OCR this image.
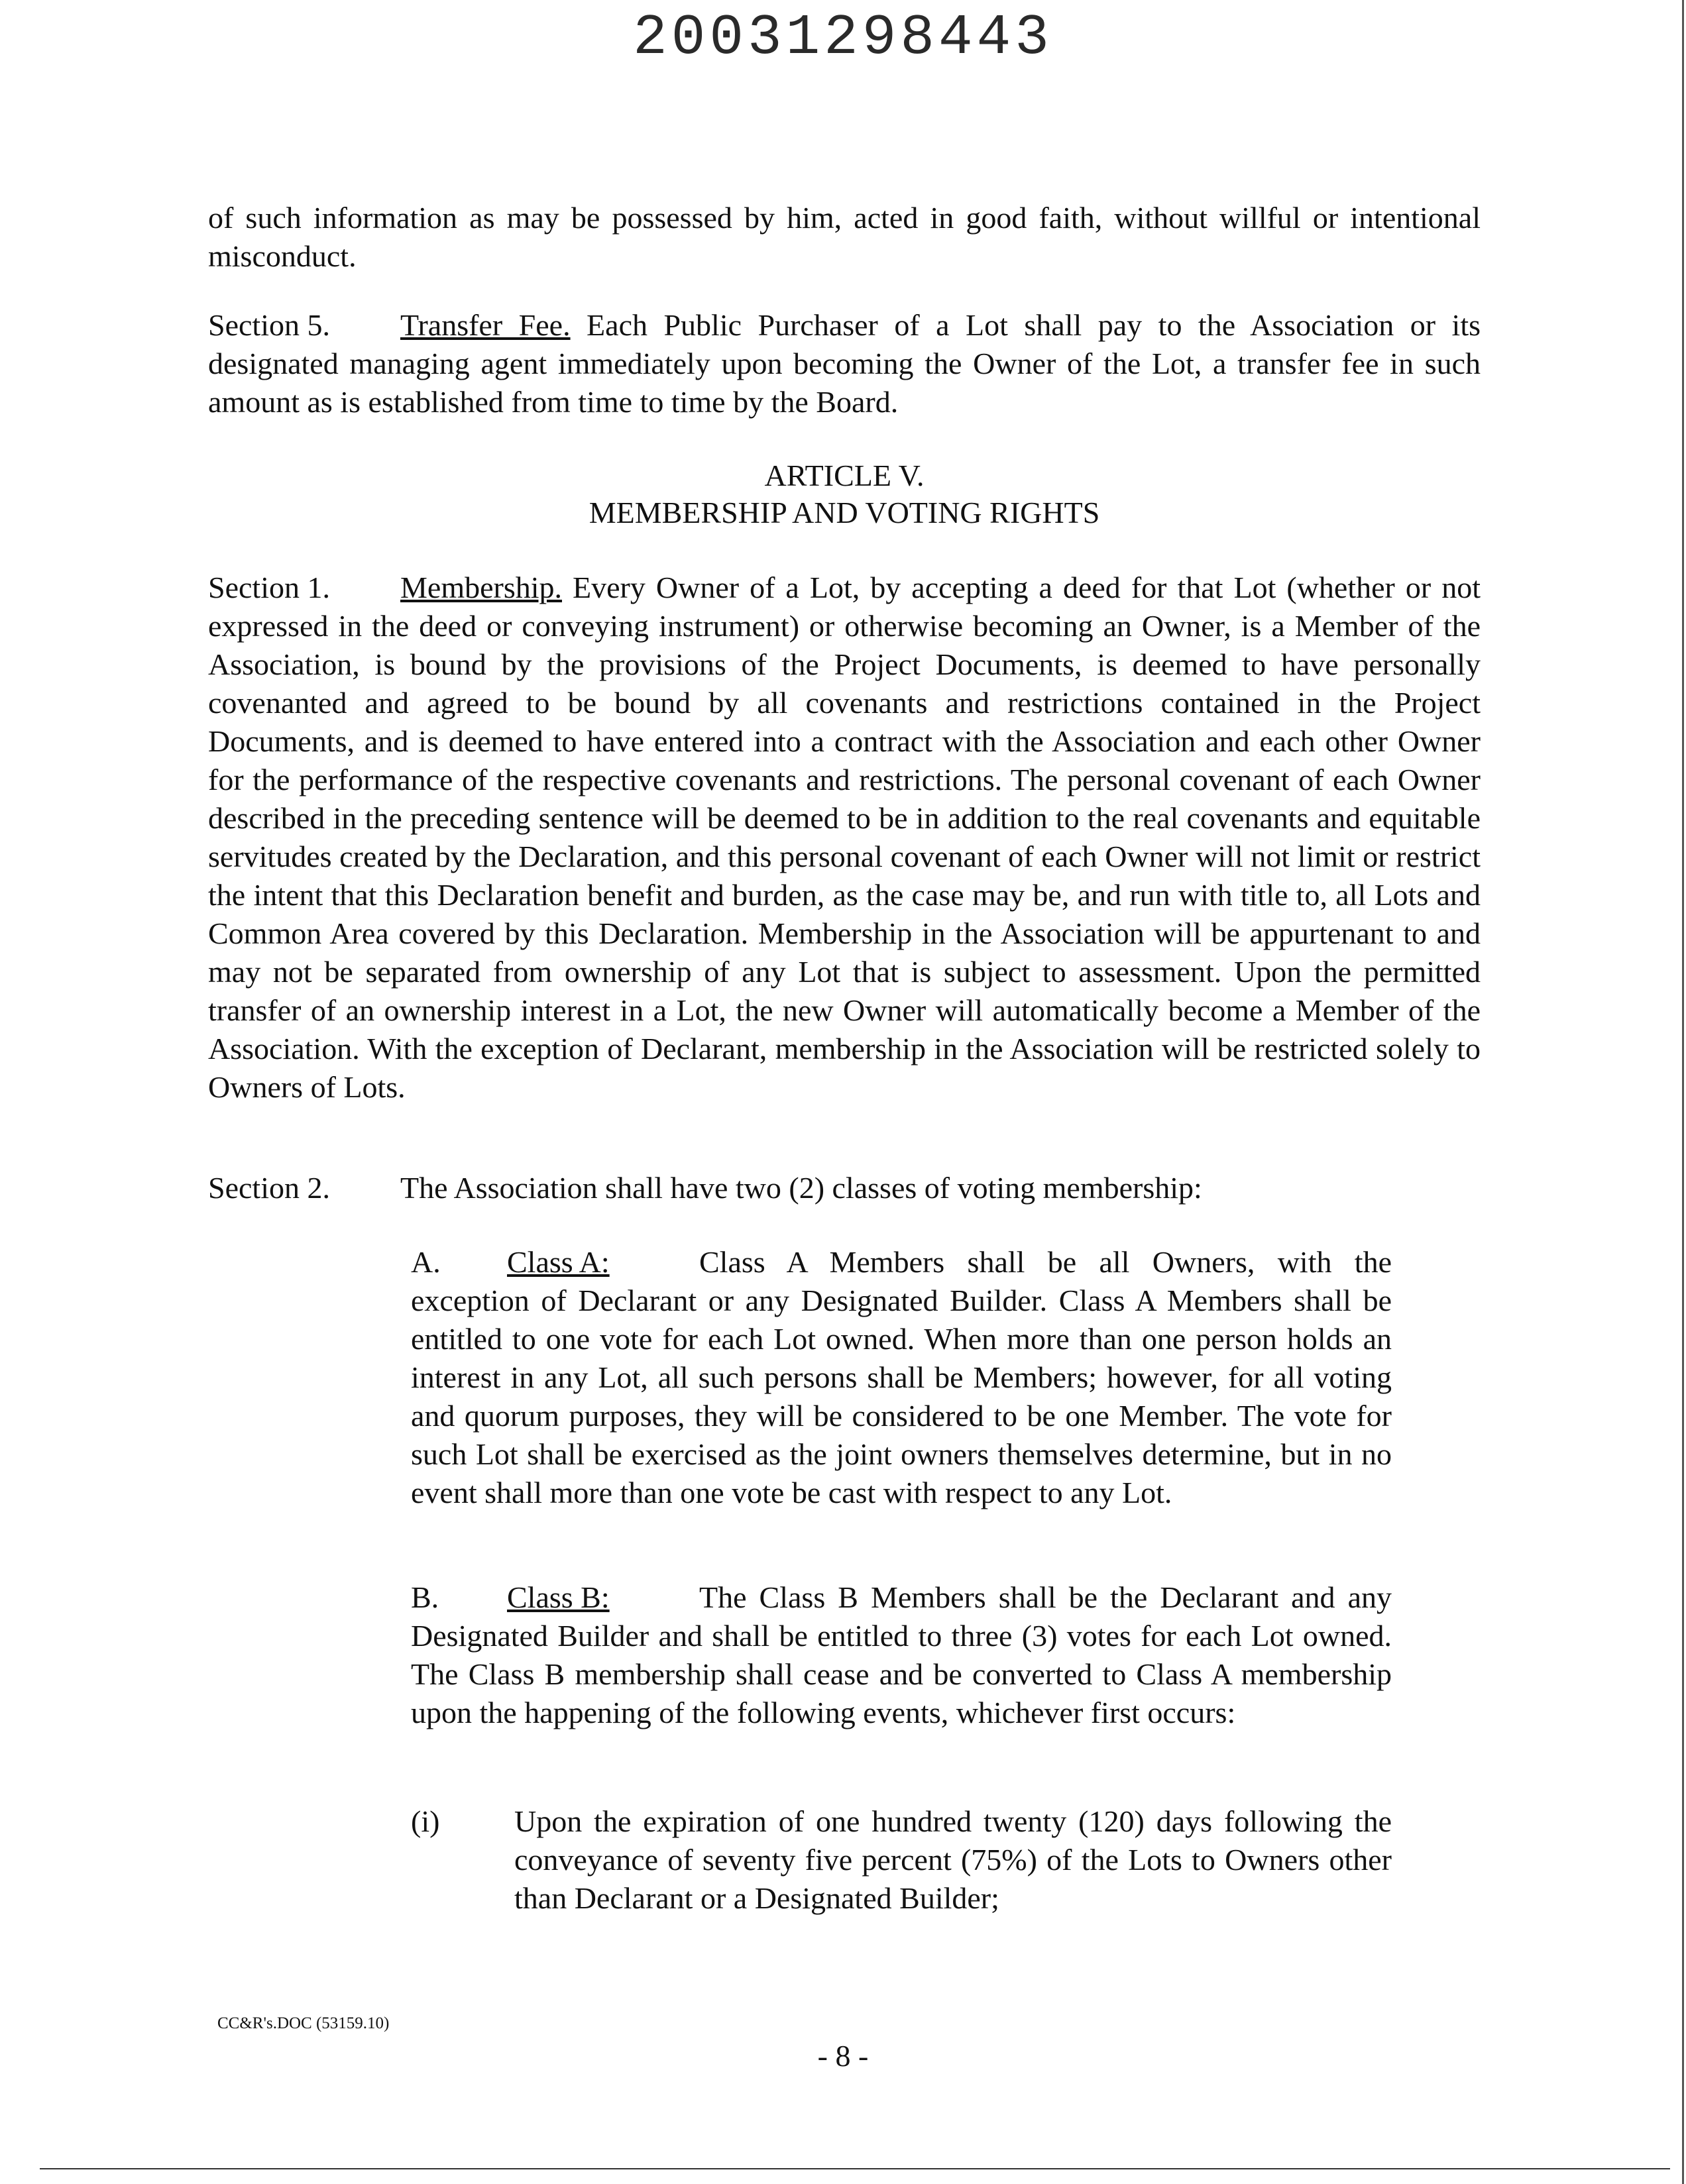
20031298443
of such information as may be possessed by him, acted in good faith, without willful or intentional misconduct.
Section 5. Transfer Fee. Each Public Purchaser of a Lot shall pay to the Association or its designated managing agent immediately upon becoming the Owner of the Lot, a transfer fee in such amount as is established from time to time by the Board.
ARTICLE V.
MEMBERSHIP AND VOTING RIGHTS
Section 1. Membership. Every Owner of a Lot, by accepting a deed for that Lot (whether or not expressed in the deed or conveying instrument) or otherwise becoming an Owner, is a Member of the Association, is bound by the provisions of the Project Documents, is deemed to have personally covenanted and agreed to be bound by all covenants and restrictions contained in the Project Documents, and is deemed to have entered into a contract with the Association and each other Owner for the performance of the respective covenants and restrictions. The personal covenant of each Owner described in the preceding sentence will be deemed to be in addition to the real covenants and equitable servitudes created by the Declaration, and this personal covenant of each Owner will not limit or restrict the intent that this Declaration benefit and burden, as the case may be, and run with title to, all Lots and Common Area covered by this Declaration. Membership in the Association will be appurtenant to and may not be separated from ownership of any Lot that is subject to assessment. Upon the permitted transfer of an ownership interest in a Lot, the new Owner will automatically become a Member of the Association. With the exception of Declarant, membership in the Association will be restricted solely to Owners of Lots.
Section 2. The Association shall have two (2) classes of voting membership:
A. Class A:	Class A Members shall be all Owners, with the exception of Declarant or any Designated Builder. Class A Members shall be entitled to one vote for each Lot owned. When more than one person holds an interest in any Lot, all such persons shall be Members; however, for all voting and quorum purposes, they will be considered to be one Member. The vote for such Lot shall be exercised as the joint owners themselves determine, but in no event shall more than one vote be cast with respect to any Lot.
B. Class B:	The Class B Members shall be the Declarant and any Designated Builder and shall be entitled to three (3) votes for each Lot owned. The Class B membership shall cease and be converted to Class A membership upon the happening of the following events, whichever first occurs:
(i) Upon the expiration of one hundred twenty (120) days following the conveyance of seventy five percent (75%) of the Lots to Owners other than Declarant or a Designated Builder;
CC&R's.DOC (53159.10)
- 8 -
